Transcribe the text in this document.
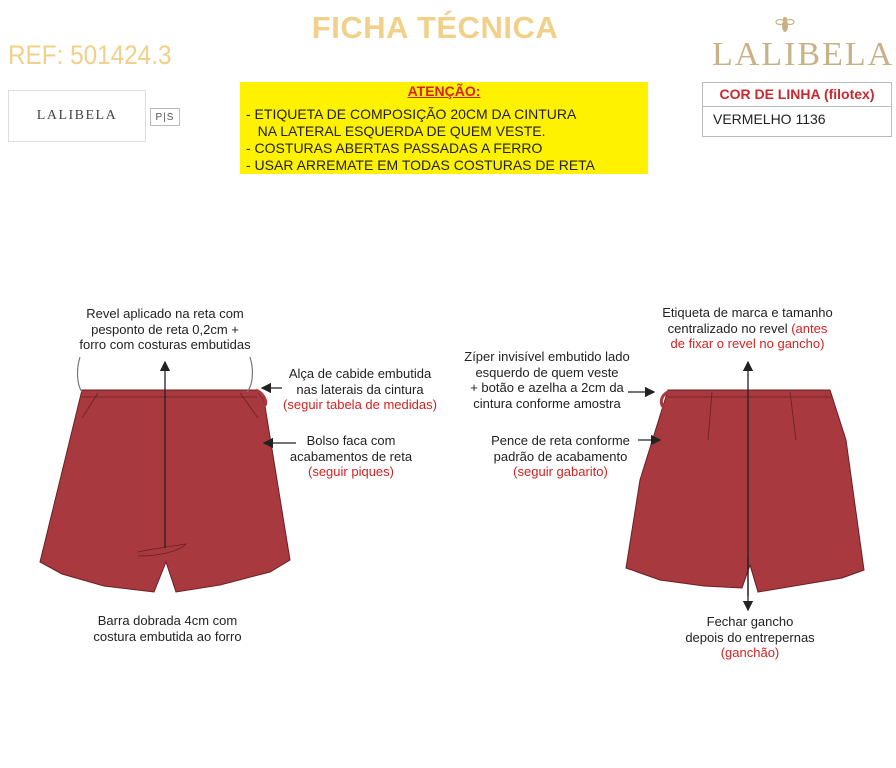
FICHA TÉCNICA
REF: 501424.3	LALIBELA
LALIBELA	P|S
ATENÇÃO:
- ETIQUETA DE COMPOSIÇÃO 20CM DA CINTURA
NA LATERAL ESQUERDA DE QUEM VESTE.
- COSTURAS ABERTAS PASSADAS A FERRO
- USAR ARREMATE EM TODAS COSTURAS DE RETA
COR DE LINHA (filotex)
VERMELHO 1136
Revel aplicado na reta com
pesponto de reta 0,2cm +
forro com costuras embutidas
Alça de cabide embutida
nas laterais da cintura
(seguir tabela de medidas)
Bolso faca com
acabamentos de reta
(seguir piques)
Barra dobrada 4cm com
costura embutida ao forro
Etiqueta de marca e tamanho
centralizado no revel (antes
de fixar o revel no gancho)
Zíper invisível embutido lado
esquerdo de quem veste
+ botão e azelha a 2cm da
cintura conforme amostra
Pence de reta conforme
padrão de acabamento
(seguir gabarito)
Fechar gancho
depois do entrepernas
(ganchão)
